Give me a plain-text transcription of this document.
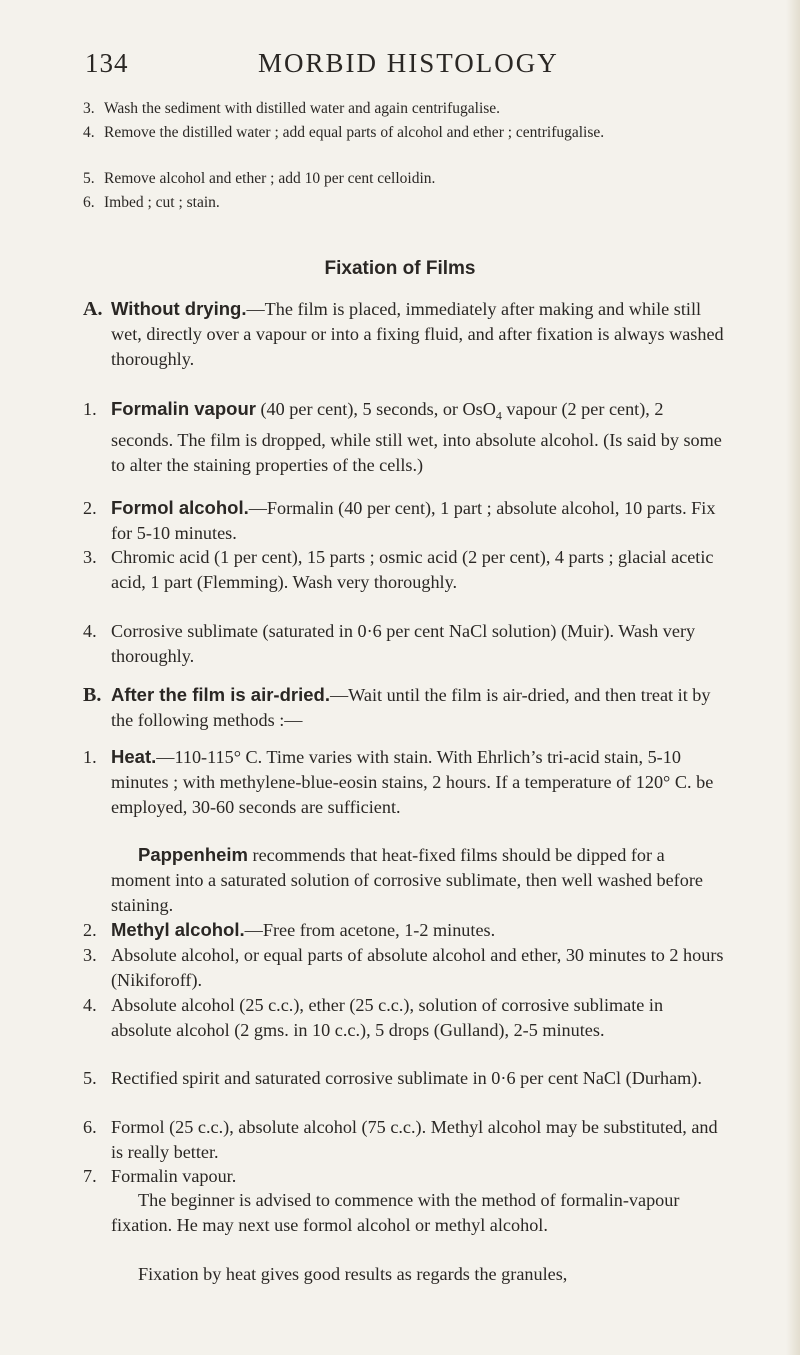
134	MORBID HISTOLOGY
3. Wash the sediment with distilled water and again centrifugalise.
4. Remove the distilled water ; add equal parts of alcohol and ether ; centrifugalise.
5. Remove alcohol and ether ; add 10 per cent celloidin.
6. Imbed ; cut ; stain.
Fixation of Films
A. Without drying.—The film is placed, immediately after making and while still wet, directly over a vapour or into a fixing fluid, and after fixation is always washed thoroughly.
1. Formalin vapour (40 per cent), 5 seconds, or OsO$_4$ vapour (2 per cent), 2 seconds. The film is dropped, while still wet, into absolute alcohol. (Is said by some to alter the staining properties of the cells.)
2. Formol alcohol.—Formalin (40 per cent), 1 part ; absolute alcohol, 10 parts. Fix for 5-10 minutes.
3. Chromic acid (1 per cent), 15 parts ; osmic acid (2 per cent), 4 parts ; glacial acetic acid, 1 part (Flemming). Wash very thoroughly.
4. Corrosive sublimate (saturated in 0·6 per cent NaCl solution) (Muir). Wash very thoroughly.
B. After the film is air-dried.—Wait until the film is air-dried, and then treat it by the following methods :—
1. Heat.—110-115° C. Time varies with stain. With Ehrlich’s tri-acid stain, 5-10 minutes ; with methylene-blue-eosin stains, 2 hours. If a temperature of 120° C. be employed, 30-60 seconds are sufficient.
Pappenheim recommends that heat-fixed films should be dipped for a moment into a saturated solution of corrosive sublimate, then well washed before staining.
2. Methyl alcohol.—Free from acetone, 1-2 minutes.
3. Absolute alcohol, or equal parts of absolute alcohol and ether, 30 minutes to 2 hours (Nikiforoff).
4. Absolute alcohol (25 c.c.), ether (25 c.c.), solution of corrosive sublimate in absolute alcohol (2 gms. in 10 c.c.), 5 drops (Gulland), 2-5 minutes.
5. Rectified spirit and saturated corrosive sublimate in 0·6 per cent NaCl (Durham).
6. Formol (25 c.c.), absolute alcohol (75 c.c.). Methyl alcohol may be substituted, and is really better.
7. Formalin vapour.
The beginner is advised to commence with the method of formalin-vapour fixation. He may next use formol alcohol or methyl alcohol.
Fixation by heat gives good results as regards the granules,
